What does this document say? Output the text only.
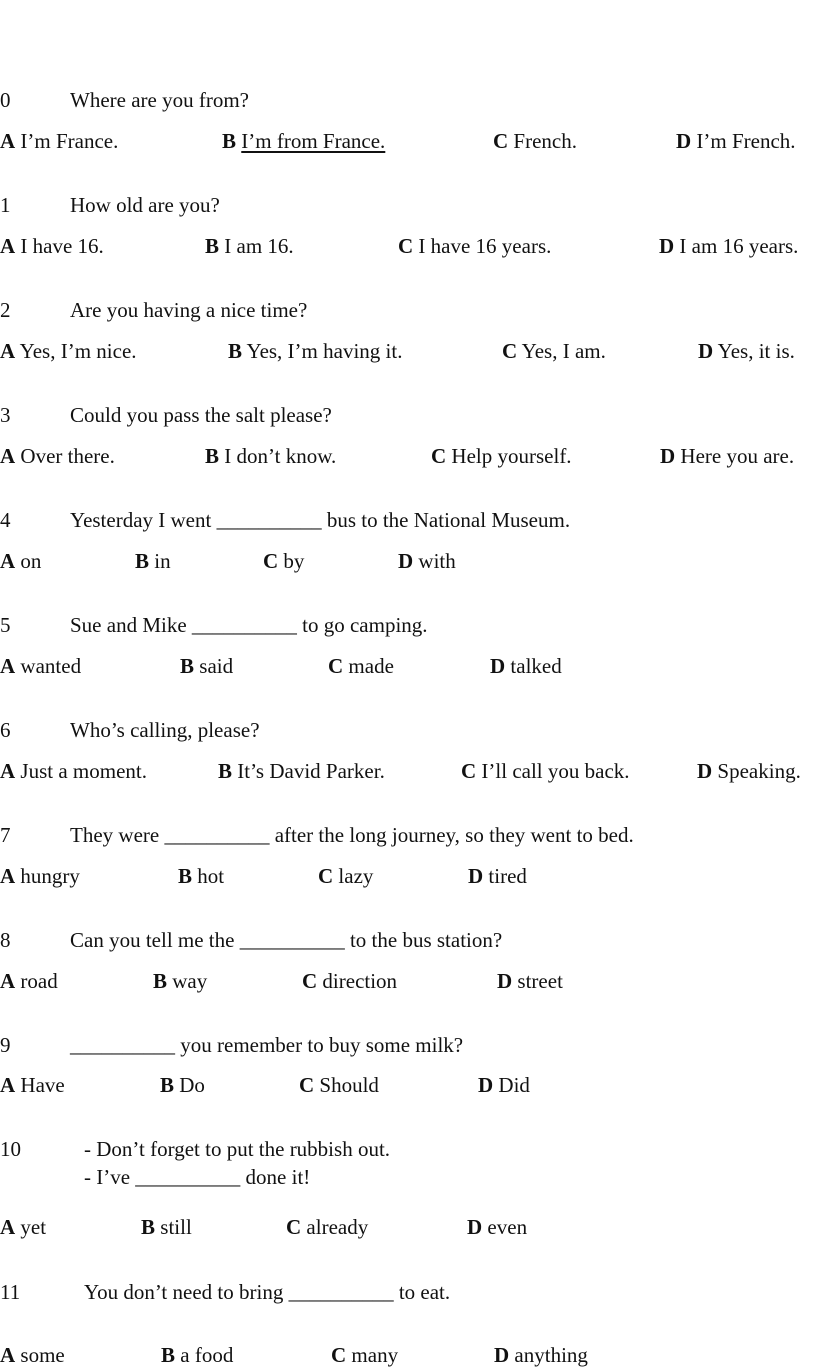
0	Where are you from?
A I’m France.	B I’m from France.	C French.	D I’m French.
1	How old are you?
A I have 16.	B I am 16.	C I have 16 years.	D I am 16 years.
2	Are you having a nice time?
A Yes, I’m nice.	B Yes, I’m having it.	C Yes, I am.	D Yes, it is.
3	Could you pass the salt please?
A Over there.	B I don’t know.	C Help yourself.	D Here you are.
4	Yesterday I went __________ bus to the National Museum.
A on	B in	C by	D with
5	Sue and Mike __________ to go camping.
A wanted	B said	C made	D talked
6	Who’s calling, please?
A Just a moment.	B It’s David Parker.	C I’ll call you back.	D Speaking.
7	They were __________ after the long journey, so they went to bed.
A hungry	B hot	C lazy	D tired
8	Can you tell me the __________ to the bus station?
A road	B way	C direction	D street
9	__________ you remember to buy some milk?
A Have	B Do	C Should	D Did
10	- Don’t forget to put the rubbish out.
- I’ve __________ done it!
A yet	B still	C already	D even
11	You don’t need to bring __________ to eat.
A some	B a food	C many	D anything
